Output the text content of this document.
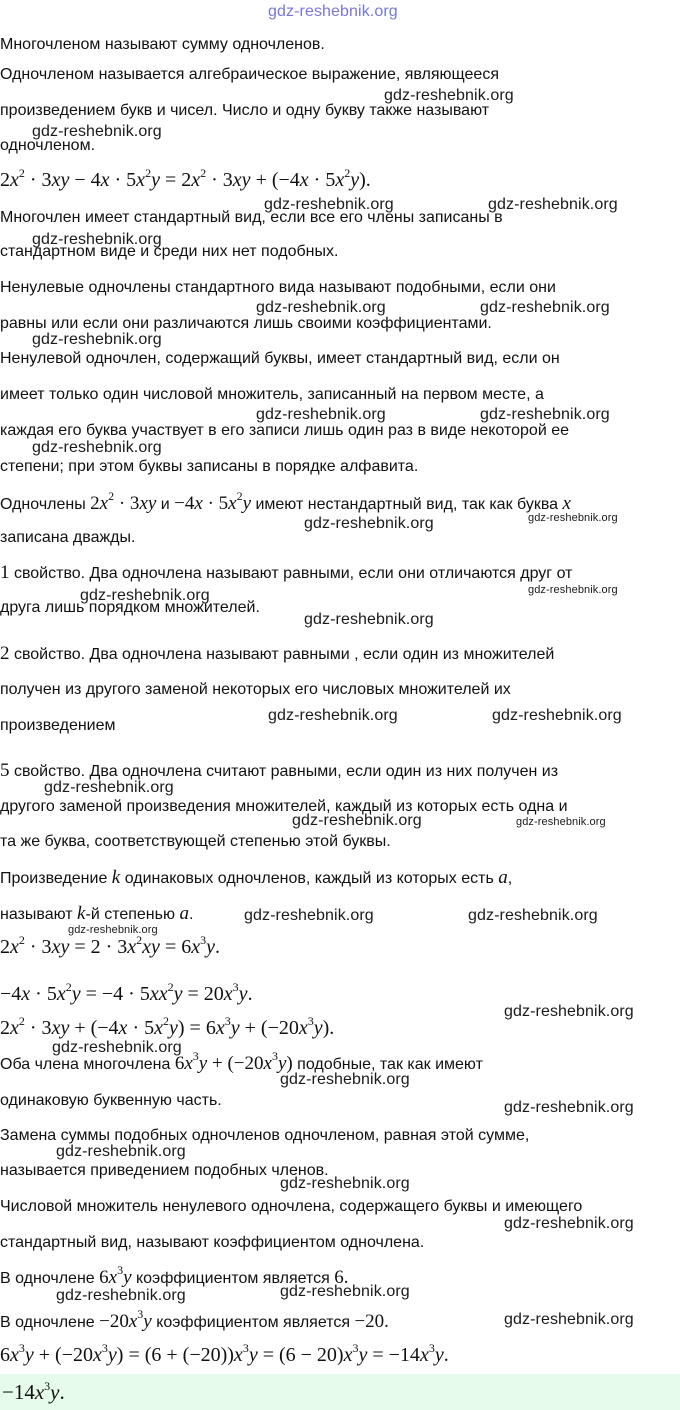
gdz-reshebnik.org
Многочленом называют сумму одночленов.
Одночленом называется алгебраическое выражение, являющееся
произведением букв и чисел. Число и одну букву также называют
одночленом.
$2x^2 \cdot 3xy - 4x \cdot 5x^2y = 2x^2 \cdot 3xy + (-4x \cdot 5x^2y)$.
Многочлен имеет стандартный вид, если все его члены записаны в
стандартном виде и среди них нет подобных.
Ненулевые одночлены стандартного вида называют подобными, если они
равны или если они различаются лишь своими коэффициентами.
Ненулевой одночлен, содержащий буквы, имеет стандартный вид, если он
имеет только один числовой множитель, записанный на первом месте, а
каждая его буква участвует в его записи лишь один раз в виде некоторой ее
степени; при этом буквы записаны в порядке алфавита.
Одночлены $2x^2 \cdot 3xy$ $и -4x \cdot 5x^2y$ имеют нестандартный вид, так как буква x
записана дважды.
1 свойство. Два одночлена называют равными, если они отличаются друг от
друга лишь порядком множителей.
2 свойство. Два одночлена называют равными , если один из множителей
получен из другого заменой некоторых его числовых множителей их
произведением
5 свойство. Два одночлена считают равными, если один из них получен из
другого заменой произведения множителей, каждый из которых есть одна и
та же буква, соответствующей степенью этой буквы.
Произведение k одинаковых одночленов, каждый из которых есть a,
называют k-й степенью a.
$2x^2 \cdot 3xy = 2 \cdot 3x^2xy = 6x^3y$.
$-4x \cdot 5x^2y = -4 \cdot 5xx^2y = 20x^3y$.
$2x^2 \cdot 3xy + (-4x \cdot 5x^2y) = 6x^3y + (-20x^3y)$.
Оба члена многочлена $6x^3y + (-20x^3y)$ подобные, так как имеют
одинаковую буквенную часть.
Замена суммы подобных одночленов одночленом, равная этой сумме,
называется приведением подобных членов.
Числовой множитель ненулевого одночлена, содержащего буквы и имеющего
стандартный вид, называют коэффициентом одночлена.
В одночлене $6x^3y$ коэффициентом является 6.
В одночлене $-20x^3y$ коэффициентом является −20.
$6x^3y + (-20x^3y) = (6 + (-20))x^3y = (6 - 20)x^3y = -14x^3y$.
$-14x^3y$.
gdz-reshebnik.org
gdz-reshebnik.org
gdz-reshebnik.org	gdz-reshebnik.org
gdz-reshebnik.org
gdz-reshebnik.org	gdz-reshebnik.org
gdz-reshebnik.org
gdz-reshebnik.org	gdz-reshebnik.org
gdz-reshebnik.org
gdz-reshebnik.org	gdz-reshebnik.org
gdz-reshebnik.org
gdz-reshebnik.org
gdz-reshebnik.org
gdz-reshebnik.org	gdz-reshebnik.org
gdz-reshebnik.org
gdz-reshebnik.org	gdz-reshebnik.org
gdz-reshebnik.org	gdz-reshebnik.org
gdz-reshebnik.org
gdz-reshebnik.org
gdz-reshebnik.org
gdz-reshebnik.org
gdz-reshebnik.org
gdz-reshebnik.org
gdz-reshebnik.org
gdz-reshebnik.org
gdz-reshebnik.org
gdz-reshebnik.org
gdz-reshebnik.org
